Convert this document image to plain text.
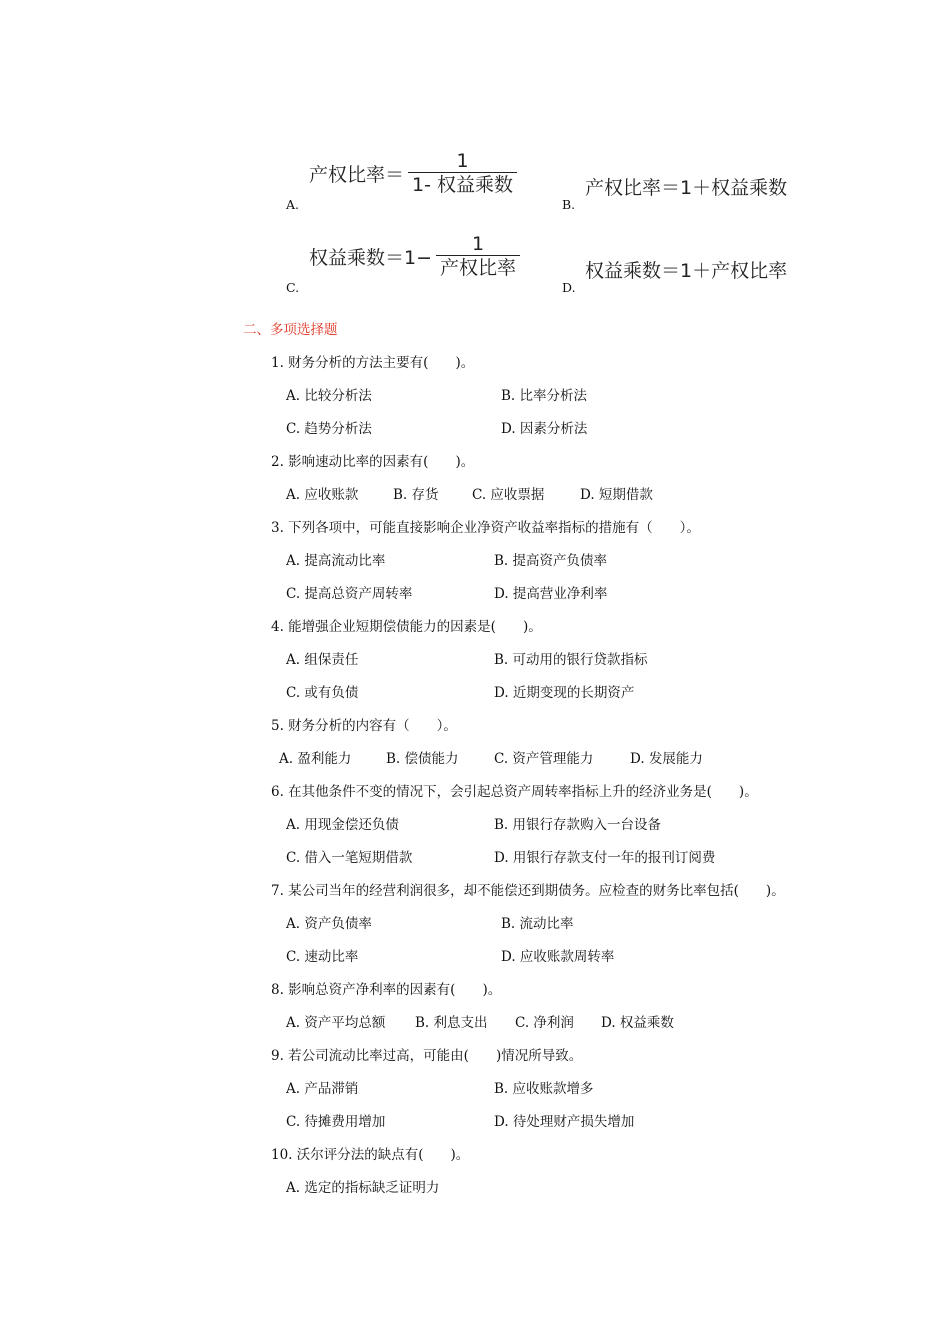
产权比率＝ $\frac{1}{\text{1- 权益乘数}}$
A.
产权比率＝1＋权益乘数
B.
权益乘数$=1- \frac{1}{\text{产权比率}}$
C.
权益乘数＝1＋产权比率
D.
二、多项选择题
1. 财务分析的方法主要有(　　)。
A. 比较分析法	B. 比率分析法
C. 趋势分析法	D. 因素分析法
2. 影响速动比率的因素有(　　)。
A. 应收账款	B. 存货 C. 应收票据	D. 短期借款
3. 下列各项中，可能直接影响企业净资产收益率指标的措施有（　　）。
A. 提高流动比率	B. 提高资产负债率
C. 提高总资产周转率	D. 提高营业净利率
4. 能增强企业短期偿债能力的因素是(　　)。
A. 组保责任	B. 可动用的银行贷款指标
C. 或有负债	D. 近期变现的长期资产
5. 财务分析的内容有（　　）。
A. 盈利能力	B. 偿债能力	C. 资产管理能力	D. 发展能力
6. 在其他条件不变的情况下，会引起总资产周转率指标上升的经济业务是(　　)。
A. 用现金偿还负债	B. 用银行存款购入一台设备
C. 借入一笔短期借款	D. 用银行存款支付一年的报刊订阅费
7. 某公司当年的经营利润很多，却不能偿还到期债务。应检查的财务比率包括(　　)。
A. 资产负债率	B. 流动比率
C. 速动比率	D. 应收账款周转率
8. 影响总资产净利率的因素有(　　)。
A. 资产平均总额 B. 利息支出 C. 净利润 D. 权益乘数
9. 若公司流动比率过高，可能由(　　)情况所导致。
A. 产品滞销	B. 应收账款增多
C. 待摊费用增加	D. 待处理财产损失增加
10. 沃尔评分法的缺点有(　　)。
A. 选定的指标缺乏证明力
